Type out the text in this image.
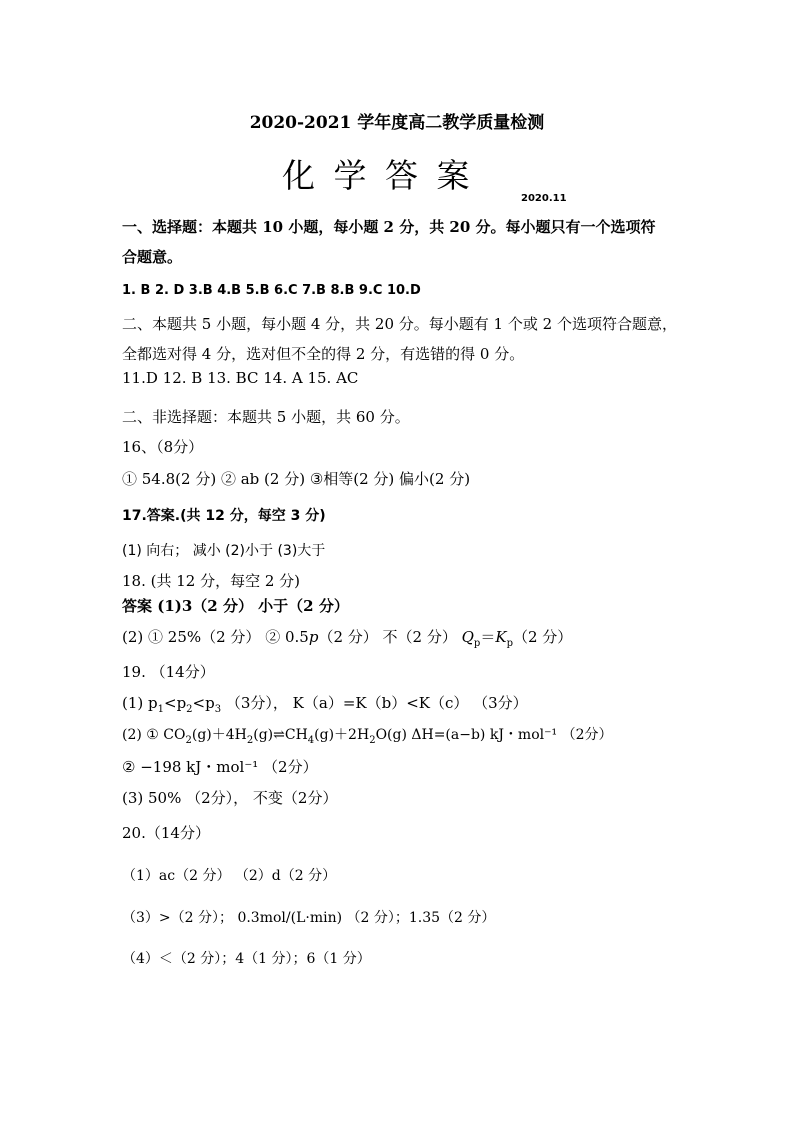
2020-2021 学年度高二教学质量检测
化 学 答 案
2020.11
一、选择题：本题共 10 小题，每小题 2 分，共 20 分。每小题只有一个选项符
合题意。
1. B 2. D 3.B 4.B 5.B 6.C 7.B 8.B 9.C 10.D
二、本题共 5 小题，每小题 4 分，共 20 分。每小题有 1 个或 2 个选项符合题意，
全都选对得 4 分，选对但不全的得 2 分，有选错的得 0 分。
11.D 12. B 13. BC 14. A 15. AC
二、非选择题：本题共 5 小题，共 60 分。
16、（8分）
① 54.8(2 分) ② ab (2 分) ③相等(2 分) 偏小(2 分)
17.答案.(共 12 分，每空 3 分)
(1) 向右； 减小 (2)小于 (3)大于
18. (共 12 分，每空 2 分)
答案 (1)3（2 分） 小于（2 分）
(2) ① 25%（2 分） ② 0.5p（2 分） 不（2 分） $Q_p=K_p(2$ 分）
19. （14分）
(1) $p_1<p_2<p_3$ （3分）， K（a）=K（b）<K（c） （3分）
(2) ① $CO_2(g)+4H_2(g)\rightleftharpoons CH_4(g)+2H_2O(g)$ ΔH=(a−b) kJ・mol⁻¹ （2分）
② −198 kJ・mol⁻¹ （2分）
(3) 50% （2分）， 不变（2分）
20.（14分）
（1）ac（2 分） （2）d（2 分）
（3）>（2 分）； 0.3mol/(L·min) （2 分）；1.35（2 分）
（4）＜（2 分）；4（1 分）；6（1 分）
